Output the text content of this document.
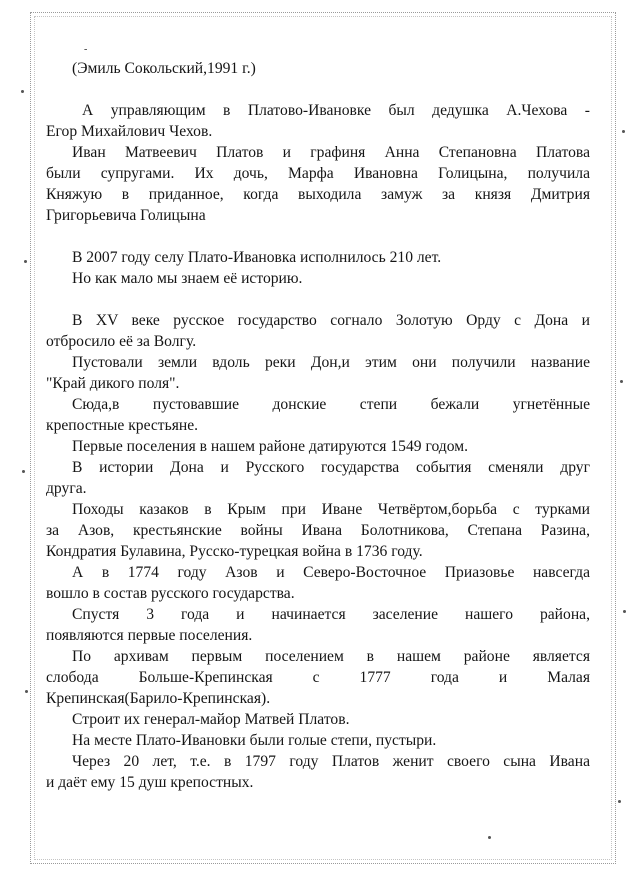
-
(Эмиль Сокольский,1991 г.)
А управляющим в Платово-Ивановке был дедушка А.Чехова -
Егор Михайлович Чехов.
Иван Матвеевич Платов и графиня Анна Степановна Платова
были супругами. Их дочь, Марфа Ивановна Голицына, получила
Княжую в приданное, когда выходила замуж за князя Дмитрия
Григорьевича Голицына
В 2007 году селу Плато-Ивановка исполнилось 210 лет.
Но как мало мы знаем её историю.
В XV веке русское государство согнало Золотую Орду с Дона и
отбросило её за Волгу.
Пустовали земли вдоль реки Дон,и этим они получили название
"Край дикого поля".
Сюда,в пустовавшие донские степи бежали угнетённые
крепостные крестьяне.
Первые поселения в нашем районе датируются 1549 годом.
В истории Дона и Русского государства события сменяли друг
друга.
Походы казаков в Крым при Иване Четвёртом,борьба с турками
за Азов, крестьянские войны Ивана Болотникова, Степана Разина,
Кондратия Булавина, Русско-турецкая война в 1736 году.
А в 1774 году Азов и Северо-Восточное Приазовье навсегда
вошло в состав русского государства.
Спустя 3 года и начинается заселение нашего района,
появляются первые поселения.
По архивам первым поселением в нашем районе является
слобода Больше-Крепинская с 1777 года и Малая
Крепинская(Барило-Крепинская).
Строит их генерал-майор Матвей Платов.
На месте Плато-Ивановки были голые степи, пустыри.
Через 20 лет, т.е. в 1797 году Платов женит своего сына Ивана
и даёт ему 15 душ крепостных.
